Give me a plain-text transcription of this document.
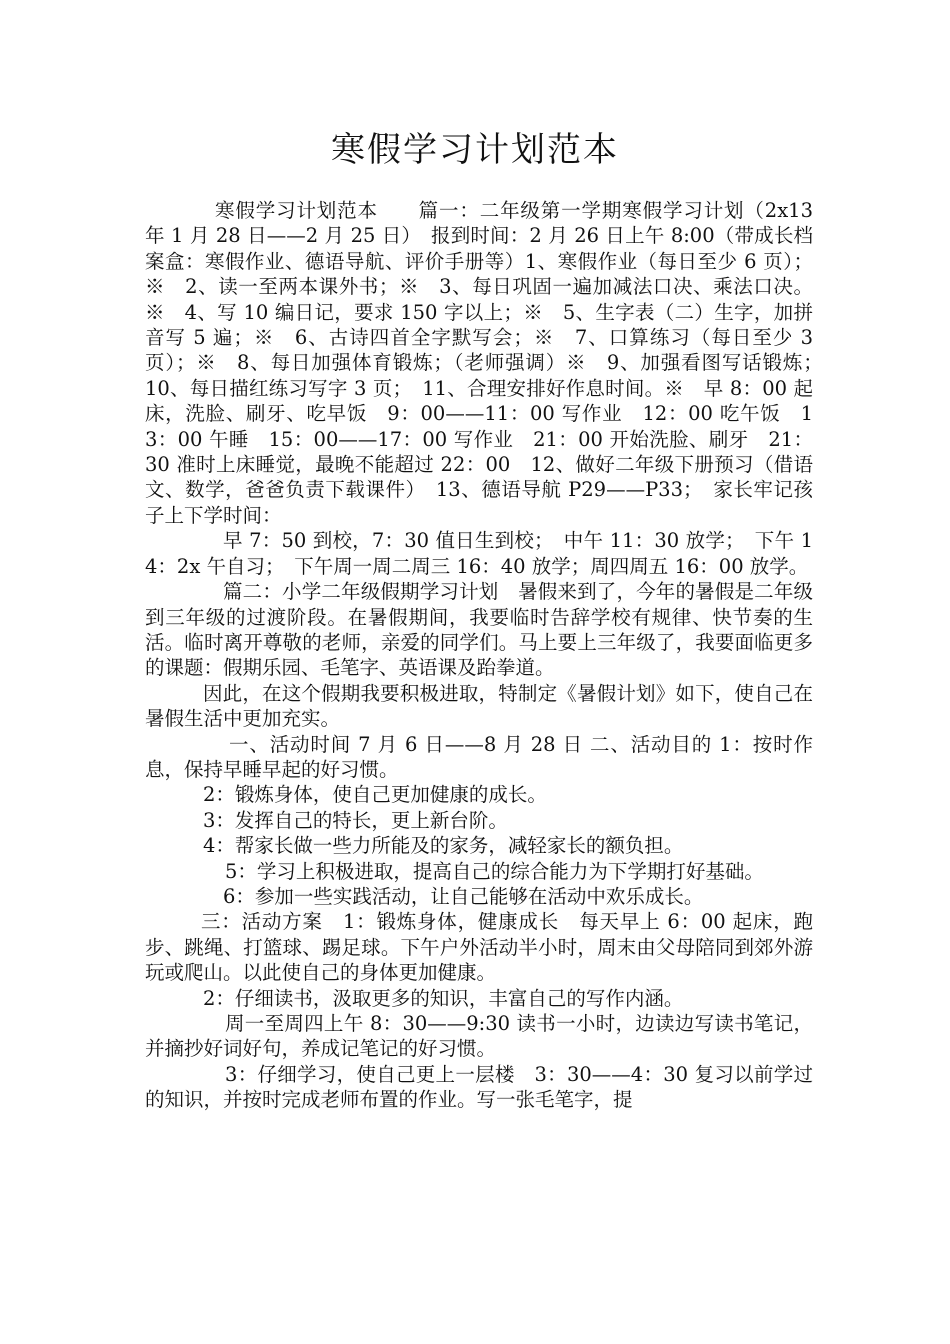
寒假学习计划范本

寒假学习计划范本　　篇一：二年级第一学期寒假学习计划（2x13 年 1 月 28 日——2 月 25 日）　报到时间：2 月 26 日上午 8:00（带成长档案盒：寒假作业、德语导航、评价手册等）1、寒假作业（每日至少 6 页）；※　2、读一至两本课外书；※　3、每日巩固一遍加减法口决、乘法口决。※　4、写 10 编日记，要求 150 字以上；※　5、生字表（二）生字，加拼音写 5 遍；※　6、古诗四首全字默写会；※　7、口算练习（每日至少 3 页）；※　8、每日加强体育锻炼；（老师强调）※　9、加强看图写话锻炼；　10、每日描红练习写字 3 页；　11、合理安排好作息时间。※　早 8：00 起床，洗脸、刷牙、吃早饭　9：00——11：00 写作业　12：00 吃午饭　13：00 午睡　15：00——17：00 写作业　21：00 开始洗脸、刷牙　21：30 准时上床睡觉，最晚不能超过 22：00　12、做好二年级下册预习（借语文、数学，爸爸负责下载课件）　13、德语导航 P29——P33；　家长牢记孩子上下学时间：

早 7：50 到校，7：30 值日生到校；　中午 11：30 放学；　下午 14：2x 午自习；　下午周一周二周三 16：40 放学；周四周五 16：00 放学。

篇二：小学二年级假期学习计划　暑假来到了，今年的暑假是二年级到三年级的过渡阶段。在暑假期间，我要临时告辞学校有规律、快节奏的生活。临时离开尊敬的老师，亲爱的同学们。马上要上三年级了，我要面临更多的课题：假期乐园、毛笔字、英语课及跆拳道。

因此，在这个假期我要积极进取，特制定《暑假计划》如下，使自己在暑假生活中更加充实。

一、活动时间 7 月 6 日——8 月 28 日 二、活动目的 1：按时作息，保持早睡早起的好习惯。

2：锻炼身体，使自己更加健康的成长。

3：发挥自己的特长，更上新台阶。

4：帮家长做一些力所能及的家务，减轻家长的额负担。

5：学习上积极进取，提高自己的综合能力为下学期打好基础。

6：参加一些实践活动，让自己能够在活动中欢乐成长。

三：活动方案　1：锻炼身体，健康成长　每天早上 6：00 起床，跑步、跳绳、打篮球、踢足球。下午户外活动半小时，周末由父母陪同到郊外游玩或爬山。以此使自己的身体更加健康。

2：仔细读书，汲取更多的知识，丰富自己的写作内涵。

周一至周四上午 8：30——9:30 读书一小时，边读边写读书笔记，并摘抄好词好句，养成记笔记的好习惯。

3：仔细学习，使自己更上一层楼　3：30——4：30 复习以前学过的知识，并按时完成老师布置的作业。写一张毛笔字，提
